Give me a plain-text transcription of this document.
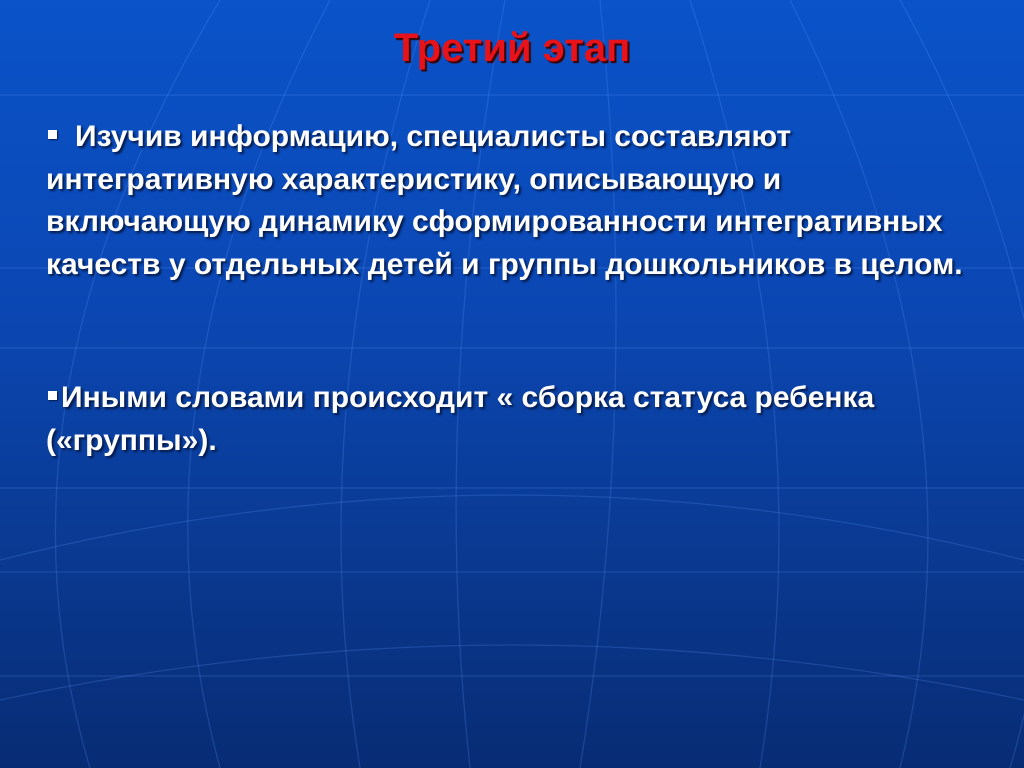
Третий этап

Изучив информацию, специалисты составляют интегративную характеристику, описывающую и включающую динамику сформированности интегративных качеств у отдельных детей и группы дошкольников в целом.

Иными словами происходит « сборка статуса ребенка («группы»).
